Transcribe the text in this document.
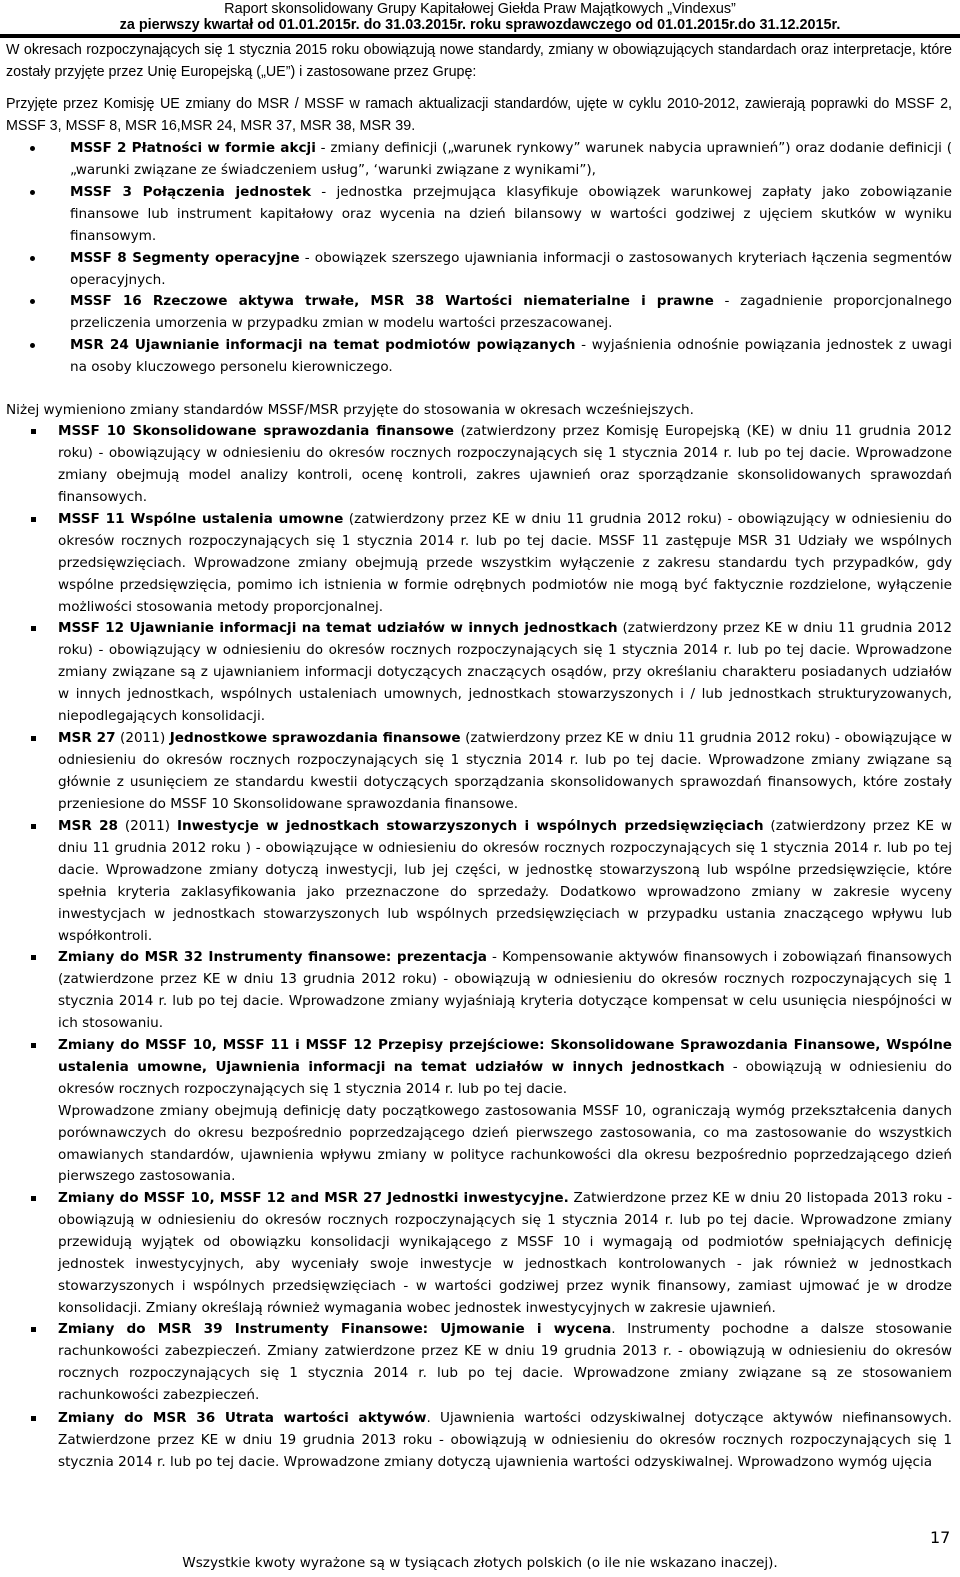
Raport skonsolidowany Grupy Kapitałowej Giełda Praw Majątkowych „Vindexus”
za pierwszy kwartał od 01.01.2015r. do 31.03.2015r. roku sprawozdawczego od 01.01.2015r.do 31.12.2015r.
W okresach rozpoczynających się 1 stycznia 2015 roku obowiązują nowe standardy, zmiany w obowiązujących standardach oraz interpretacje, które zostały przyjęte przez Unię Europejską („UE”) i zastosowane przez Grupę:
Przyjęte przez Komisję UE zmiany do MSR / MSSF w ramach aktualizacji standardów, ujęte w cyklu 2010-2012, zawierają poprawki do MSSF 2, MSSF 3, MSSF 8, MSR 16,MSR 24, MSR 37, MSR 38, MSR 39.
MSSF 2 Płatności w formie akcji - zmiany definicji („warunek rynkowy” warunek nabycia uprawnień”) oraz dodanie definicji ( „warunki związane ze świadczeniem usług”, ‘warunki związane z wynikami”),
MSSF 3 Połączenia jednostek - jednostka przejmująca klasyfikuje obowiązek warunkowej zapłaty jako zobowiązanie finansowe lub instrument kapitałowy oraz wycenia na dzień bilansowy w wartości godziwej z ujęciem skutków w wyniku finansowym.
MSSF 8 Segmenty operacyjne - obowiązek szerszego ujawniania informacji o zastosowanych kryteriach łączenia segmentów operacyjnych.
MSSF 16 Rzeczowe aktywa trwałe, MSR 38 Wartości niematerialne i prawne - zagadnienie proporcjonalnego przeliczenia umorzenia w przypadku zmian w modelu wartości przeszacowanej.
MSR 24 Ujawnianie informacji na temat podmiotów powiązanych - wyjaśnienia odnośnie powiązania jednostek z uwagi na osoby kluczowego personelu kierowniczego.
Niżej wymieniono zmiany standardów MSSF/MSR przyjęte do stosowania w okresach wcześniejszych.
MSSF 10 Skonsolidowane sprawozdania finansowe (zatwierdzony przez Komisję Europejską (KE) w dniu 11 grudnia 2012 roku) - obowiązujący w odniesieniu do okresów rocznych rozpoczynających się 1 stycznia 2014 r. lub po tej dacie. Wprowadzone zmiany obejmują model analizy kontroli, ocenę kontroli, zakres ujawnień oraz sporządzanie skonsolidowanych sprawozdań finansowych.
MSSF 11 Wspólne ustalenia umowne (zatwierdzony przez KE w dniu 11 grudnia 2012 roku) - obowiązujący w odniesieniu do okresów rocznych rozpoczynających się 1 stycznia 2014 r. lub po tej dacie. MSSF 11 zastępuje MSR 31 Udziały we wspólnych przedsięwzięciach. Wprowadzone zmiany obejmują przede wszystkim wyłączenie z zakresu standardu tych przypadków, gdy wspólne przedsięwzięcia, pomimo ich istnienia w formie odrębnych podmiotów nie mogą być faktycznie rozdzielone, wyłączenie możliwości stosowania metody proporcjonalnej.
MSSF 12 Ujawnianie informacji na temat udziałów w innych jednostkach (zatwierdzony przez KE w dniu 11 grudnia 2012 roku) - obowiązujący w odniesieniu do okresów rocznych rozpoczynających się 1 stycznia 2014 r. lub po tej dacie. Wprowadzone zmiany związane są z ujawnianiem informacji dotyczących znaczących osądów, przy określaniu charakteru posiadanych udziałów w innych jednostkach, wspólnych ustaleniach umownych, jednostkach stowarzyszonych i / lub jednostkach strukturyzowanych, niepodlegających konsolidacji.
MSR 27 (2011) Jednostkowe sprawozdania finansowe (zatwierdzony przez KE w dniu 11 grudnia 2012 roku) - obowiązujące w odniesieniu do okresów rocznych rozpoczynających się 1 stycznia 2014 r. lub po tej dacie. Wprowadzone zmiany związane są głównie z usunięciem ze standardu kwestii dotyczących sporządzania skonsolidowanych sprawozdań finansowych, które zostały przeniesione do MSSF 10 Skonsolidowane sprawozdania finansowe.
MSR 28 (2011) Inwestycje w jednostkach stowarzyszonych i wspólnych przedsięwzięciach (zatwierdzony przez KE w dniu 11 grudnia 2012 roku ) - obowiązujące w odniesieniu do okresów rocznych rozpoczynających się 1 stycznia 2014 r. lub po tej dacie. Wprowadzone zmiany dotyczą inwestycji, lub jej części, w jednostkę stowarzyszoną lub wspólne przedsięwzięcie, które spełnia kryteria zaklasyfikowania jako przeznaczone do sprzedaży. Dodatkowo wprowadzono zmiany w zakresie wyceny inwestycjach w jednostkach stowarzyszonych lub wspólnych przedsięwzięciach w przypadku ustania znaczącego wpływu lub współkontroli.
Zmiany do MSR 32 Instrumenty finansowe: prezentacja - Kompensowanie aktywów finansowych i zobowiązań finansowych (zatwierdzone przez KE w dniu 13 grudnia 2012 roku) - obowiązują w odniesieniu do okresów rocznych rozpoczynających się 1 stycznia 2014 r. lub po tej dacie. Wprowadzone zmiany wyjaśniają kryteria dotyczące kompensat w celu usunięcia niespójności w ich stosowaniu.
Zmiany do MSSF 10, MSSF 11 i MSSF 12 Przepisy przejściowe: Skonsolidowane Sprawozdania Finansowe, Wspólne ustalenia umowne, Ujawnienia informacji na temat udziałów w innych jednostkach - obowiązują w odniesieniu do okresów rocznych rozpoczynających się 1 stycznia 2014 r. lub po tej dacie.
Wprowadzone zmiany obejmują definicję daty początkowego zastosowania MSSF 10, ograniczają wymóg przekształcenia danych porównawczych do okresu bezpośrednio poprzedzającego dzień pierwszego zastosowania, co ma zastosowanie do wszystkich omawianych standardów, ujawnienia wpływu zmiany w polityce rachunkowości dla okresu bezpośrednio poprzedzającego dzień pierwszego zastosowania.
Zmiany do MSSF 10, MSSF 12 and MSR 27 Jednostki inwestycyjne. Zatwierdzone przez KE w dniu 20 listopada 2013 roku - obowiązują w odniesieniu do okresów rocznych rozpoczynających się 1 stycznia 2014 r. lub po tej dacie. Wprowadzone zmiany przewidują wyjątek od obowiązku konsolidacji wynikającego z MSSF 10 i wymagają od podmiotów spełniających definicję jednostek inwestycyjnych, aby wyceniały swoje inwestycje w jednostkach kontrolowanych - jak również w jednostkach stowarzyszonych i wspólnych przedsięwzięciach - w wartości godziwej przez wynik finansowy, zamiast ujmować je w drodze konsolidacji. Zmiany określają również wymagania wobec jednostek inwestycyjnych w zakresie ujawnień.
Zmiany do MSR 39 Instrumenty Finansowe: Ujmowanie i wycena. Instrumenty pochodne a dalsze stosowanie rachunkowości zabezpieczeń. Zmiany zatwierdzone przez KE w dniu 19 grudnia 2013 r. - obowiązują w odniesieniu do okresów rocznych rozpoczynających się 1 stycznia 2014 r. lub po tej dacie. Wprowadzone zmiany związane są ze stosowaniem rachunkowości zabezpieczeń.
Zmiany do MSR 36 Utrata wartości aktywów. Ujawnienia wartości odzyskiwalnej dotyczące aktywów niefinansowych. Zatwierdzone przez KE w dniu 19 grudnia 2013 roku - obowiązują w odniesieniu do okresów rocznych rozpoczynających się 1 stycznia 2014 r. lub po tej dacie. Wprowadzone zmiany dotyczą ujawnienia wartości odzyskiwalnej. Wprowadzono wymóg ujęcia
17
Wszystkie kwoty wyrażone są w tysiącach złotych polskich (o ile nie wskazano inaczej).
